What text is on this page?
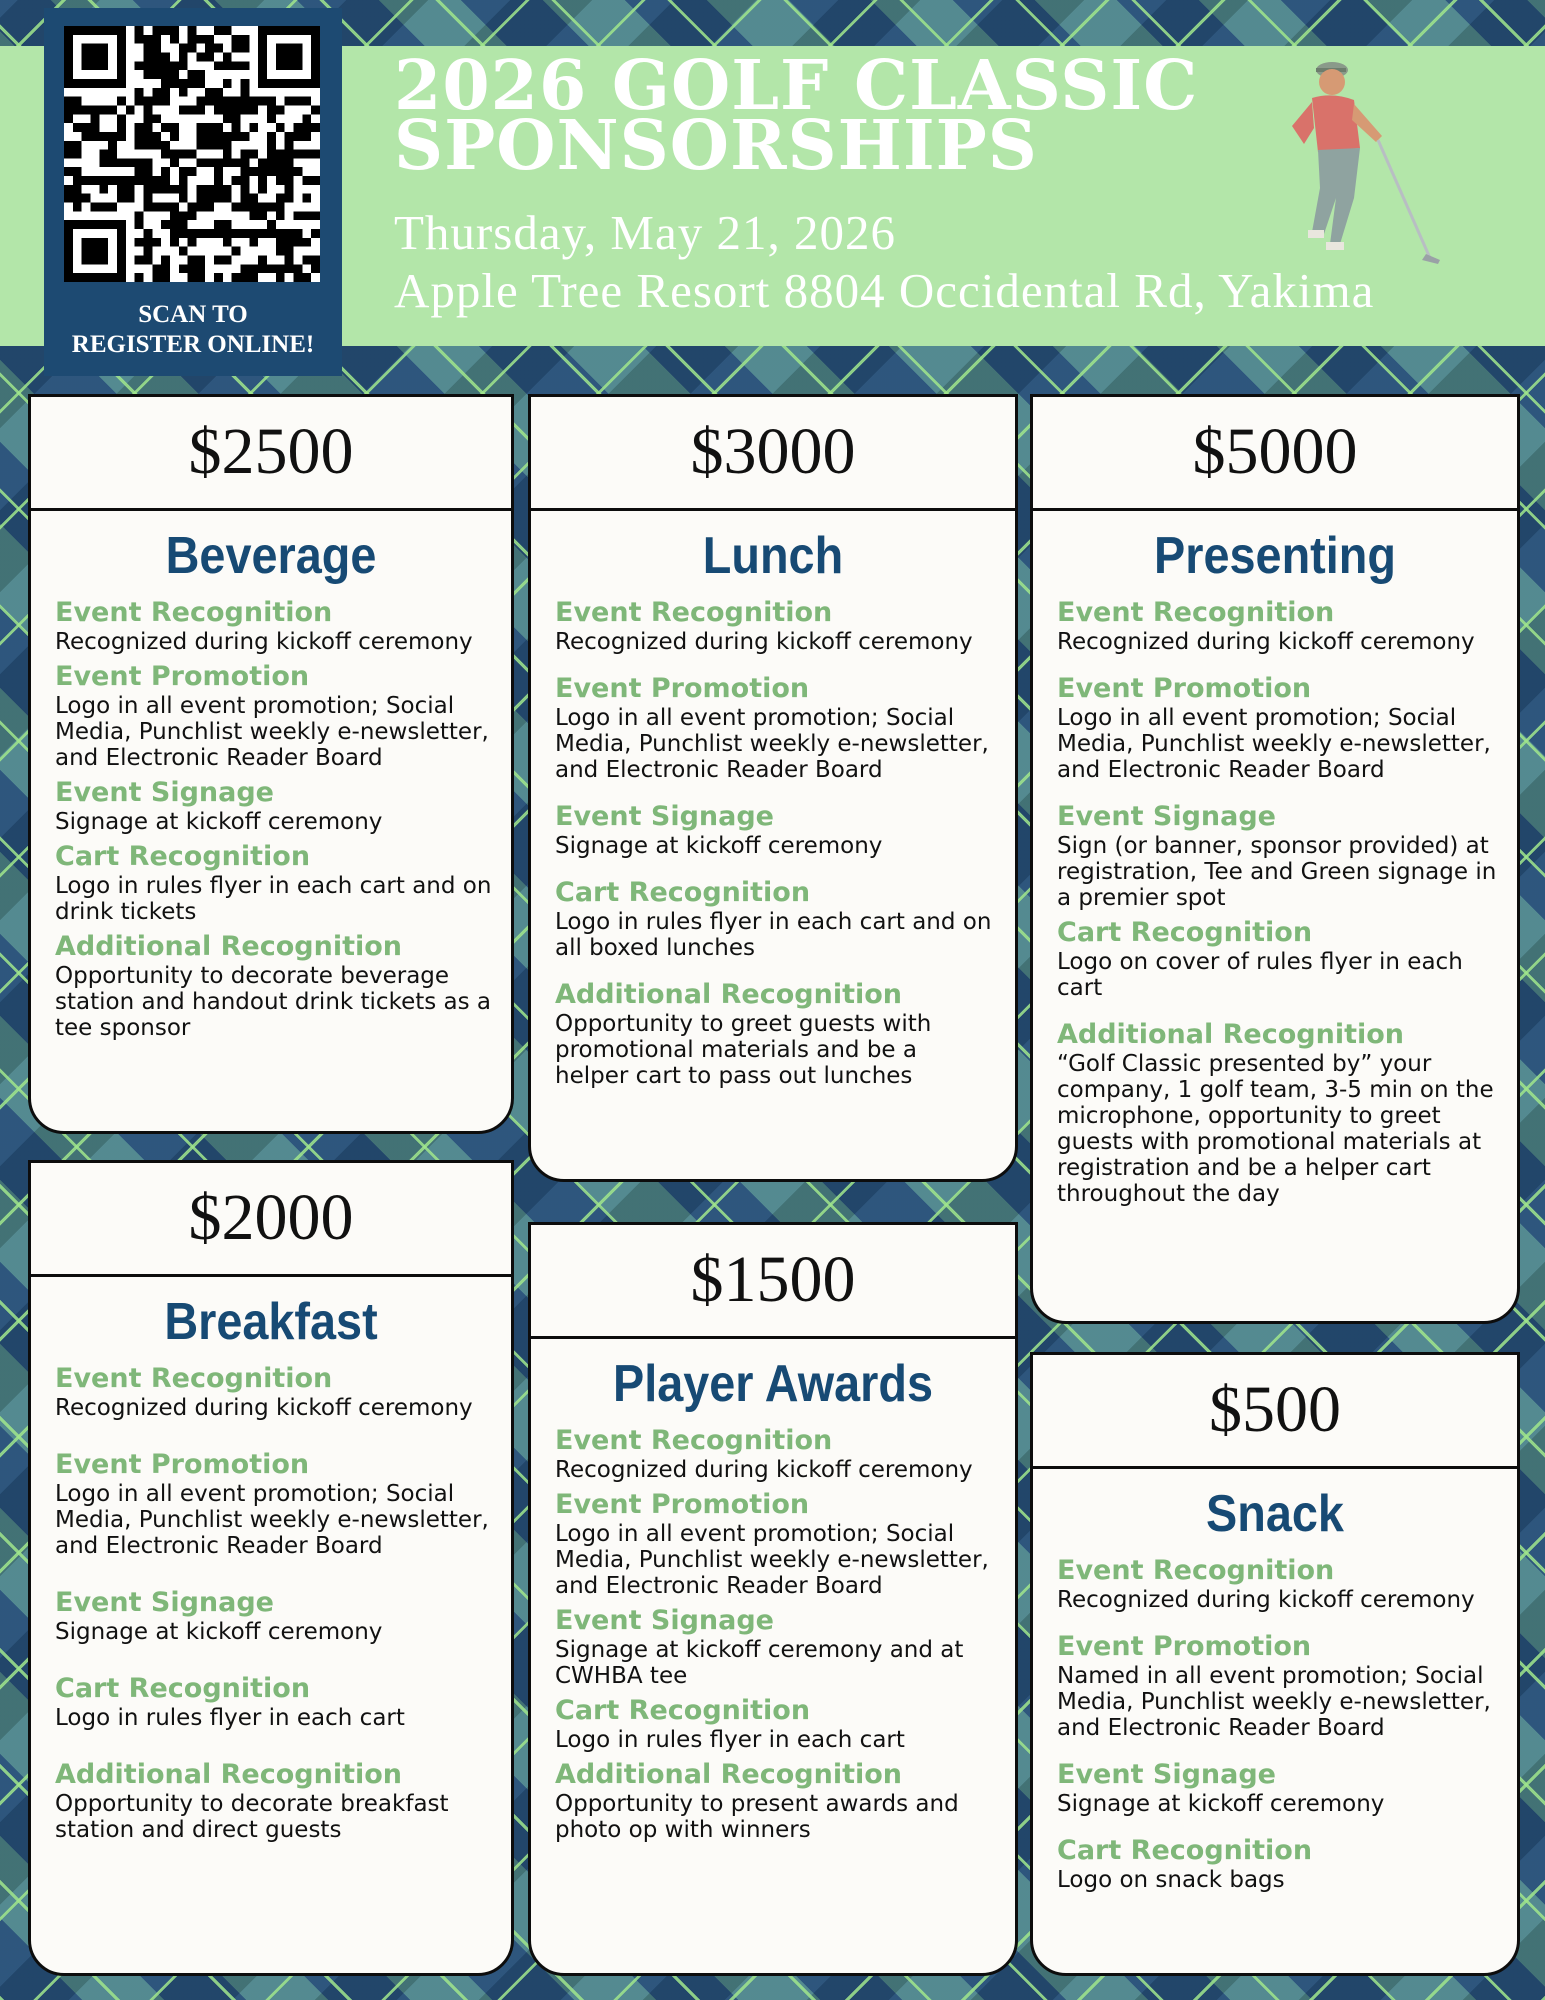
SCAN TO
REGISTER ONLINE!
2026 GOLF CLASSIC
SPONSORSHIPS
Thursday, May 21, 2026
Apple Tree Resort 8804 Occidental Rd, Yakima
$2500
Beverage
Event Recognition
Recognized during kickoff ceremony
Event Promotion
Logo in all event promotion; Social Media, Punchlist weekly e-newsletter, and Electronic Reader Board
Event Signage
Signage at kickoff ceremony
Cart Recognition
Logo in rules flyer in each cart and on drink tickets
Additional Recognition
Opportunity to decorate beverage station and handout drink tickets as a tee sponsor
$3000
Lunch
Event Recognition
Recognized during kickoff ceremony
Event Promotion
Logo in all event promotion; Social Media, Punchlist weekly e-newsletter, and Electronic Reader Board
Event Signage
Signage at kickoff ceremony
Cart Recognition
Logo in rules flyer in each cart and on all boxed lunches
Additional Recognition
Opportunity to greet guests with promotional materials and be a helper cart to pass out lunches
$5000
Presenting
Event Recognition
Recognized during kickoff ceremony
Event Promotion
Logo in all event promotion; Social Media, Punchlist weekly e-newsletter, and Electronic Reader Board
Event Signage
Sign (or banner, sponsor provided) at registration, Tee and Green signage in a premier spot
Cart Recognition
Logo on cover of rules flyer in each cart
Additional Recognition
“Golf Classic presented by” your company, 1 golf team, 3-5 min on the microphone, opportunity to greet guests with promotional materials at registration and be a helper cart throughout the day
$2000
Breakfast
Event Recognition
Recognized during kickoff ceremony
Event Promotion
Logo in all event promotion; Social Media, Punchlist weekly e-newsletter, and Electronic Reader Board
Event Signage
Signage at kickoff ceremony
Cart Recognition
Logo in rules flyer in each cart
Additional Recognition
Opportunity to decorate breakfast station and direct guests
$1500
Player Awards
Event Recognition
Recognized during kickoff ceremony
Event Promotion
Logo in all event promotion; Social Media, Punchlist weekly e-newsletter, and Electronic Reader Board
Event Signage
Signage at kickoff ceremony and at CWHBA tee
Cart Recognition
Logo in rules flyer in each cart
Additional Recognition
Opportunity to present awards and photo op with winners
$500
Snack
Event Recognition
Recognized during kickoff ceremony
Event Promotion
Named in all event promotion; Social Media, Punchlist weekly e-newsletter, and Electronic Reader Board
Event Signage
Signage at kickoff ceremony
Cart Recognition
Logo on snack bags
